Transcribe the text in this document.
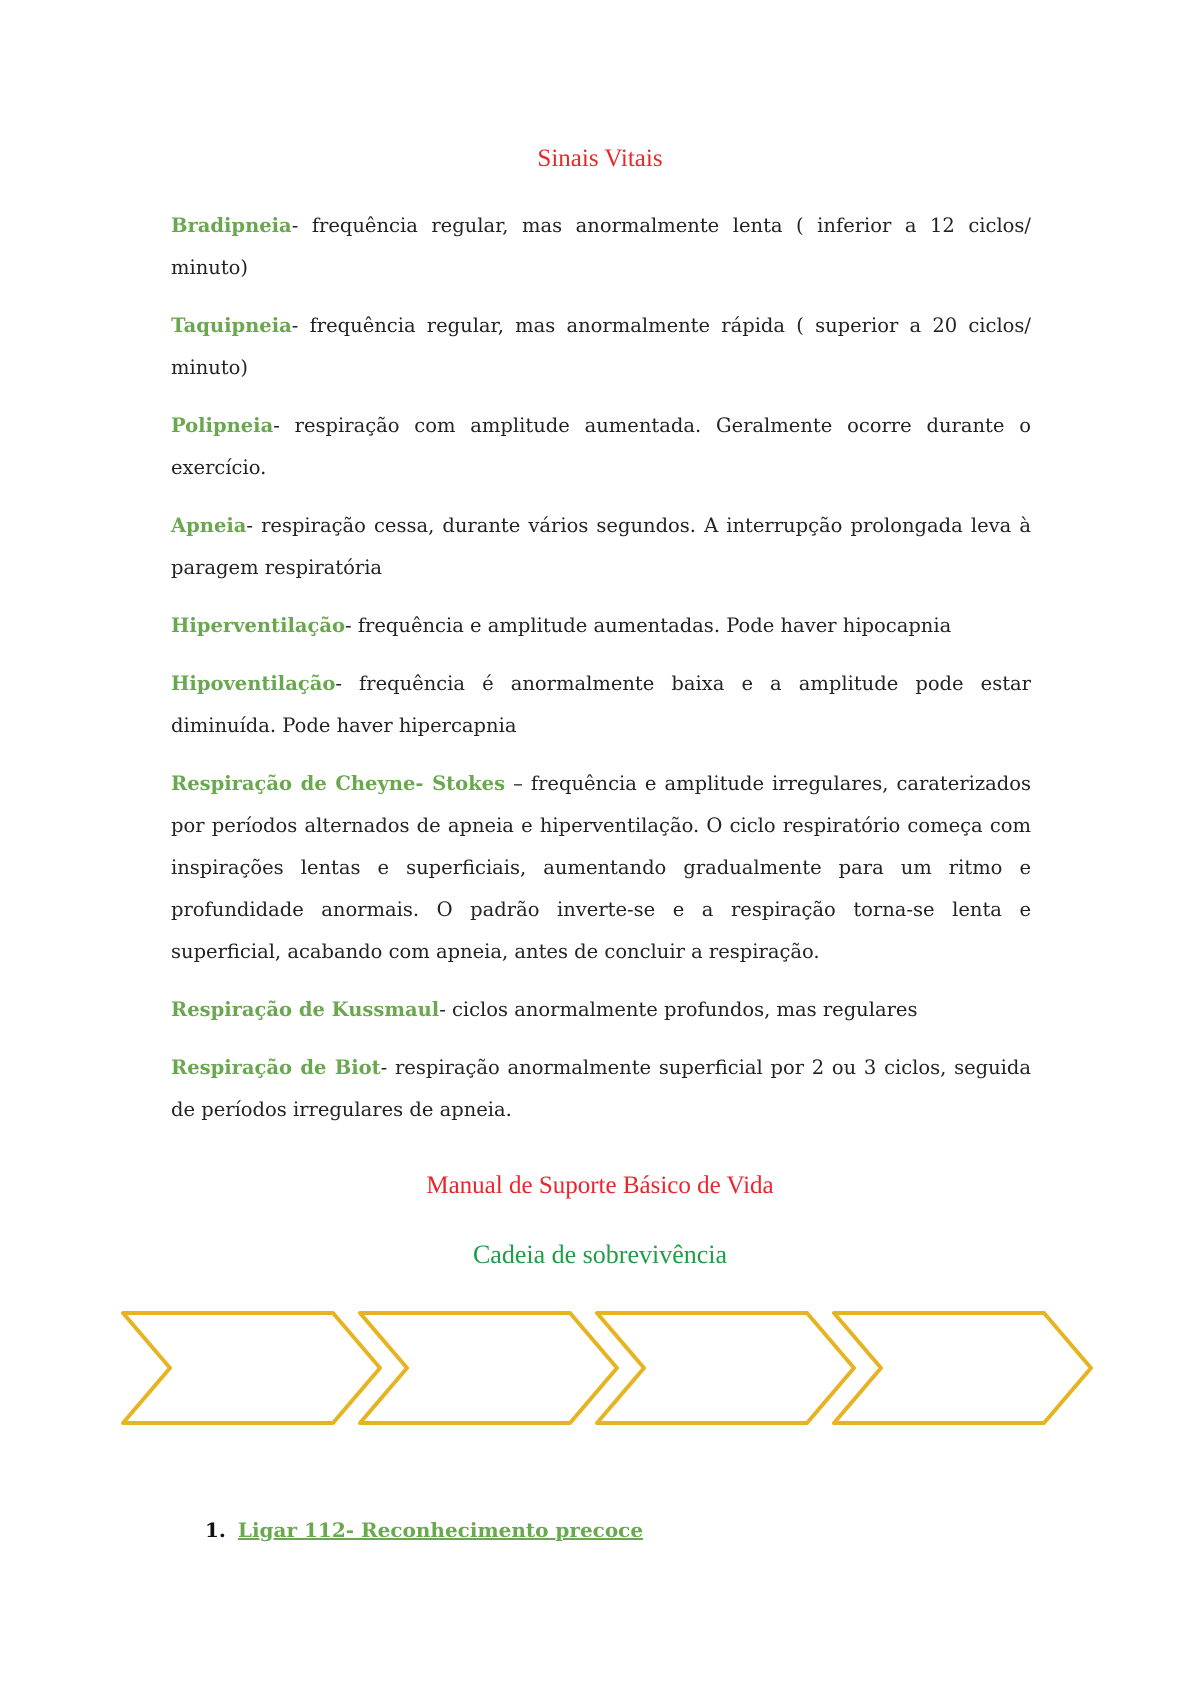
Sinais Vitais

Bradipneia- frequência regular, mas anormalmente lenta ( inferior a 12 ciclos/ minuto)

Taquipneia- frequência regular, mas anormalmente rápida ( superior a 20 ciclos/ minuto)

Polipneia- respiração com amplitude aumentada. Geralmente ocorre durante o exercício.

Apneia- respiração cessa, durante vários segundos. A interrupção prolongada leva à paragem respiratória

Hiperventilação- frequência e amplitude aumentadas. Pode haver hipocapnia

Hipoventilação- frequência é anormalmente baixa e a amplitude pode estar diminuída. Pode haver hipercapnia

Respiração de Cheyne- Stokes – frequência e amplitude irregulares, caraterizados por períodos alternados de apneia e hiperventilação. O ciclo respiratório começa com inspirações lentas e superficiais, aumentando gradualmente para um ritmo e profundidade anormais. O padrão inverte-se e a respiração torna-se lenta e superficial, acabando com apneia, antes de concluir a respiração.

Respiração de Kussmaul- ciclos anormalmente profundos, mas regulares

Respiração de Biot- respiração anormalmente superficial por 2 ou 3 ciclos, seguida de períodos irregulares de apneia.

Manual de Suporte Básico de Vida
Cadeia de sobrevivência
1. Ligar 112- Reconhecimento precoce
